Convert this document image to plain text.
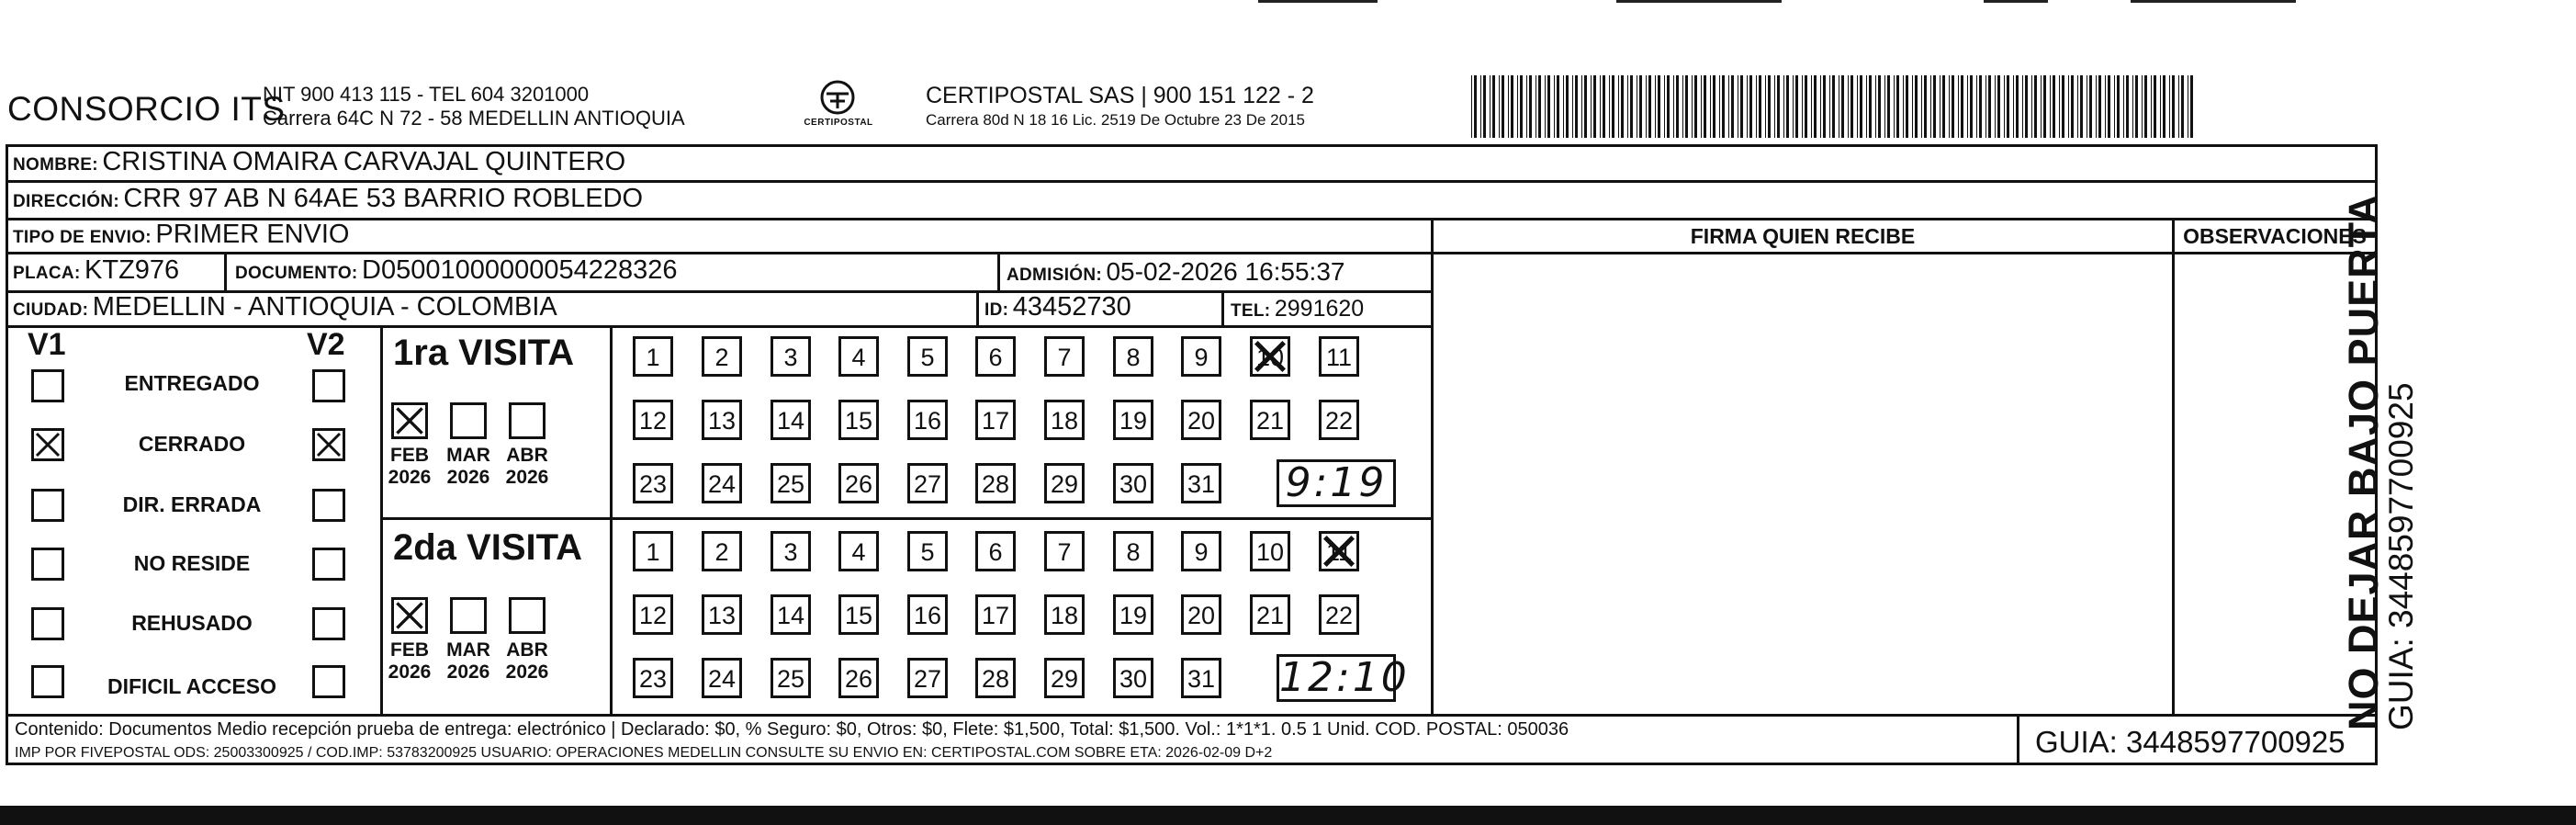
CONSORCIO ITS
NIT 900 413 115 - TEL 604 3201000
Carrera 64C N 72 - 58 MEDELLIN ANTIOQUIA	CERTIPOSTAL
CERTIPOSTAL SAS | 900 151 122 - 2
Carrera 80d N 18 16 Lic. 2519 De Octubre 23 De 2015
NOMBRE: CRISTINA OMAIRA CARVAJAL QUINTERO
DIRECCIÓN: CRR 97 AB N 64AE 53 BARRIO ROBLEDO
TIPO DE ENVIO: PRIMER ENVIO	FIRMA QUIEN RECIBE	OBSERVACIONES
PLACA: KTZ976	DOCUMENTO: D05001000000054228326	ADMISIÓN: 05-02-2026 16:55:37
CIUDAD: MEDELLIN - ANTIOQUIA - COLOMBIA	ID: 43452730	TEL: 2991620
V1	V2
ENTREGADO
CERRADO
DIR. ERRADA
NO RESIDE
REHUSADO
DIFICIL ACCESO
1ra VISITA
FEB
2026
MAR
2026
ABR
2026
1	2	3	4	5	6	7	8	9	10 11
12 13 14 15 16 17 18 19 20 21 22
23 24 25 26 27 28 29 30 31 9:19
2da VISITA
FEB
2026
MAR
2026
ABR
2026
1	2	3	4	5	6	7	8	9	10 11
12 13 14 15 16 17 18 19 20 21 22
23 24 25 26 27 28 29 30 31 12:10
Contenido: Documentos Medio recepción prueba de entrega: electrónico | Declarado: $0, % Seguro: $0, Otros: $0, Flete: $1,500, Total: $1,500. Vol.: 1*1*1. 0.5 1 Unid. COD. POSTAL: 050036
IMP POR FIVEPOSTAL ODS: 25003300925 / COD.IMP: 53783200925 USUARIO: OPERACIONES MEDELLIN CONSULTE SU ENVIO EN: CERTIPOSTAL.COM SOBRE ETA: 2026-02-09 D+2	GUIA: 3448597700925
NO DEJAR BAJO PUERTA
GUIA: 3448597700925
